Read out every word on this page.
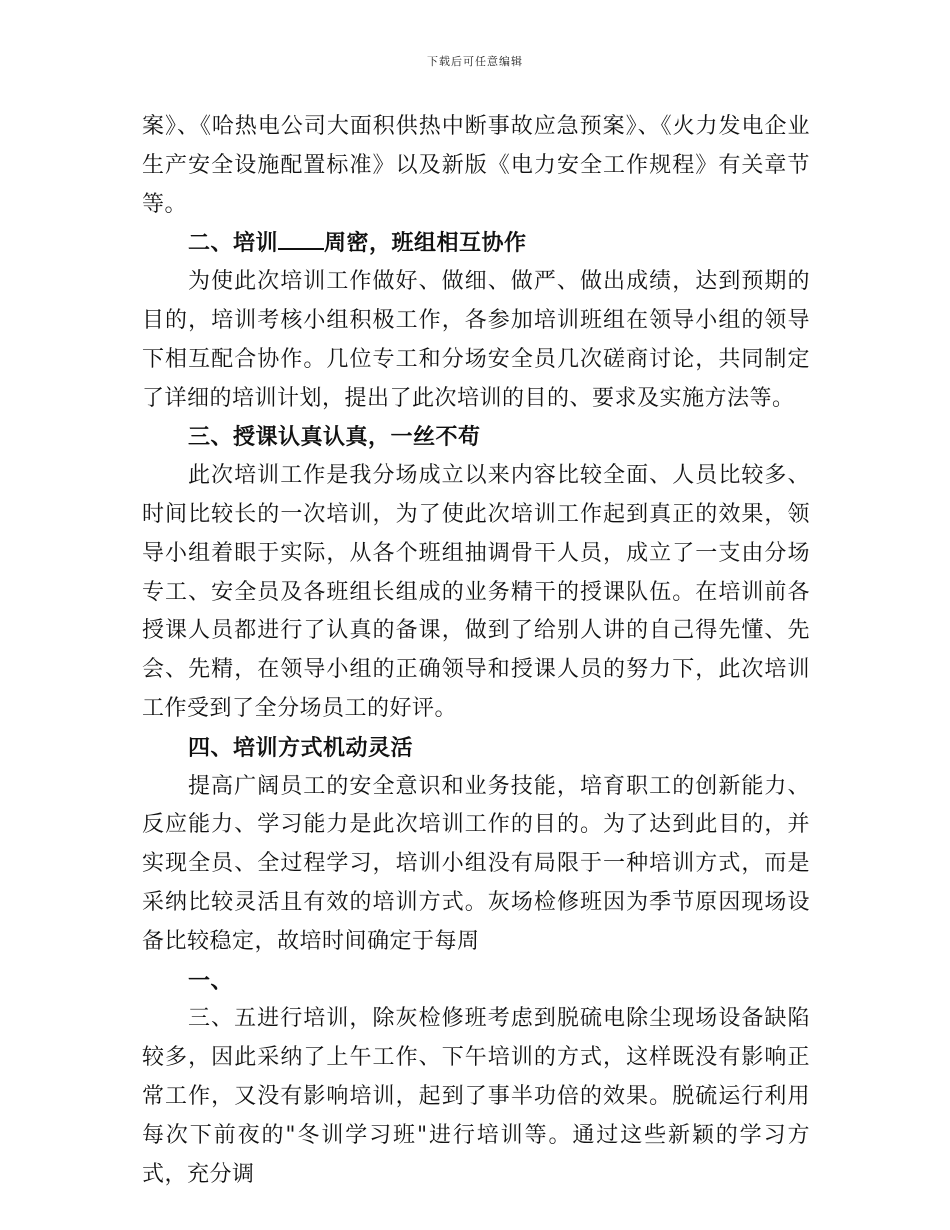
下载后可任意编辑

案》、《哈热电公司大面积供热中断事故应急预案》、《火力发电企业生产安全设施配置标准》以及新版《电力安全工作规程》有关章节等。

二、培训 周密，班组相互协作

为使此次培训工作做好、做细、做严、做出成绩，达到预期的目的，培训考核小组积极工作，各参加培训班组在领导小组的领导下相互配合协作。几位专工和分场安全员几次磋商讨论，共同制定了详细的培训计划，提出了此次培训的目的、要求及实施方法等。

三、授课认真认真，一丝不苟

此次培训工作是我分场成立以来内容比较全面、人员比较多、时间比较长的一次培训，为了使此次培训工作起到真正的效果，领导小组着眼于实际，从各个班组抽调骨干人员，成立了一支由分场专工、安全员及各班组长组成的业务精干的授课队伍。在培训前各授课人员都进行了认真的备课，做到了给别人讲的自己得先懂、先会、先精，在领导小组的正确领导和授课人员的努力下，此次培训工作受到了全分场员工的好评。

四、培训方式机动灵活

提高广阔员工的安全意识和业务技能，培育职工的创新能力、反应能力、学习能力是此次培训工作的目的。为了达到此目的，并实现全员、全过程学习，培训小组没有局限于一种培训方式，而是采纳比较灵活且有效的培训方式。灰场检修班因为季节原因现场设备比较稳定，故培时间确定于每周

一、

三、五进行培训，除灰检修班考虑到脱硫电除尘现场设备缺陷较多，因此采纳了上午工作、下午培训的方式，这样既没有影响正常工作，又没有影响培训，起到了事半功倍的效果。脱硫运行利用每次下前夜的"冬训学习班"进行培训等。通过这些新颖的学习方式，充分调
